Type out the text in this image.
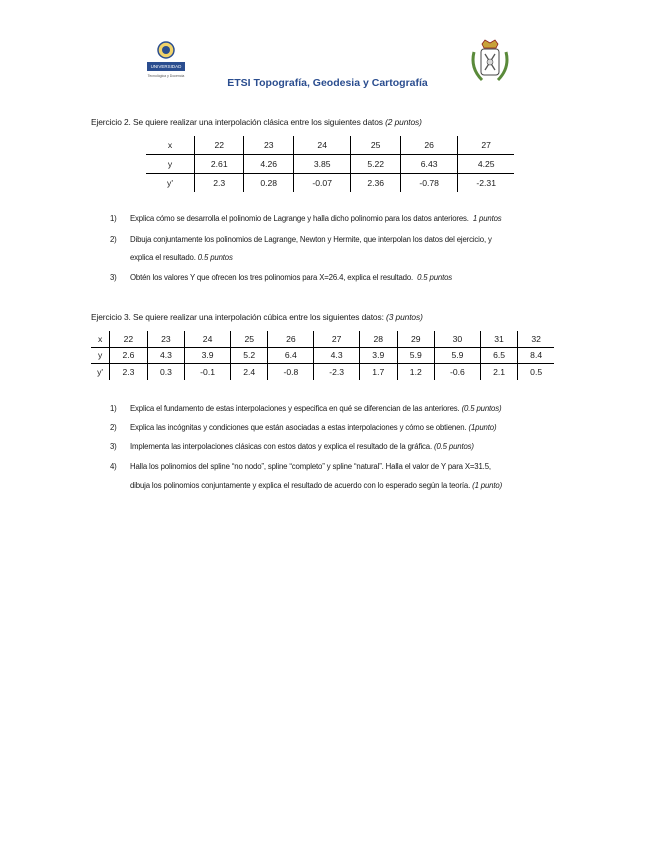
UNIVERSIDAD
Tecnológica y Docencia
ETSI Topografía, Geodesia y Cartografía
Ejercicio 2. Se quiere realizar una interpolación clásica entre los siguientes datos (2 puntos)
x	22	23	24	25	26	27
y	2.61	4.26	3.85	5.22	6.43	4.25
y'	2.3	0.28	-0.07	2.36	-0.78	-2.31
1) Explica cómo se desarrolla el polinomio de Lagrange y halla dicho polinomio para los datos anteriores. 1 puntos
2) Dibuja conjuntamente los polinomios de Lagrange, Newton y Hermite, que interpolan los datos del ejercicio, y
explica el resultado. 0.5 puntos
3) Obtén los valores Y que ofrecen los tres polinomios para X=26.4, explica el resultado. 0.5 puntos
Ejercicio 3. Se quiere realizar una interpolación cúbica entre los siguientes datos: (3 puntos)
x	22	23	24	25	26	27	28	29	30	31	32
y	2.6	4.3	3.9	5.2	6.4	4.3	3.9	5.9	5.9	6.5	8.4
y'	2.3	0.3	-0.1	2.4	-0.8	-2.3	1.7	1.2	-0.6	2.1	0.5
1) Explica el fundamento de estas interpolaciones y especifica en qué se diferencian de las anteriores. (0.5 puntos)
2) Explica las incógnitas y condiciones que están asociadas a estas interpolaciones y cómo se obtienen. (1punto)
3) Implementa las interpolaciones clásicas con estos datos y explica el resultado de la gráfica. (0.5 puntos)
4) Halla los polinomios del spline “no nodo”, spline “completo” y spline “natural”. Halla el valor de Y para X=31.5,
dibuja los polinomios conjuntamente y explica el resultado de acuerdo con lo esperado según la teoría. (1 punto)
